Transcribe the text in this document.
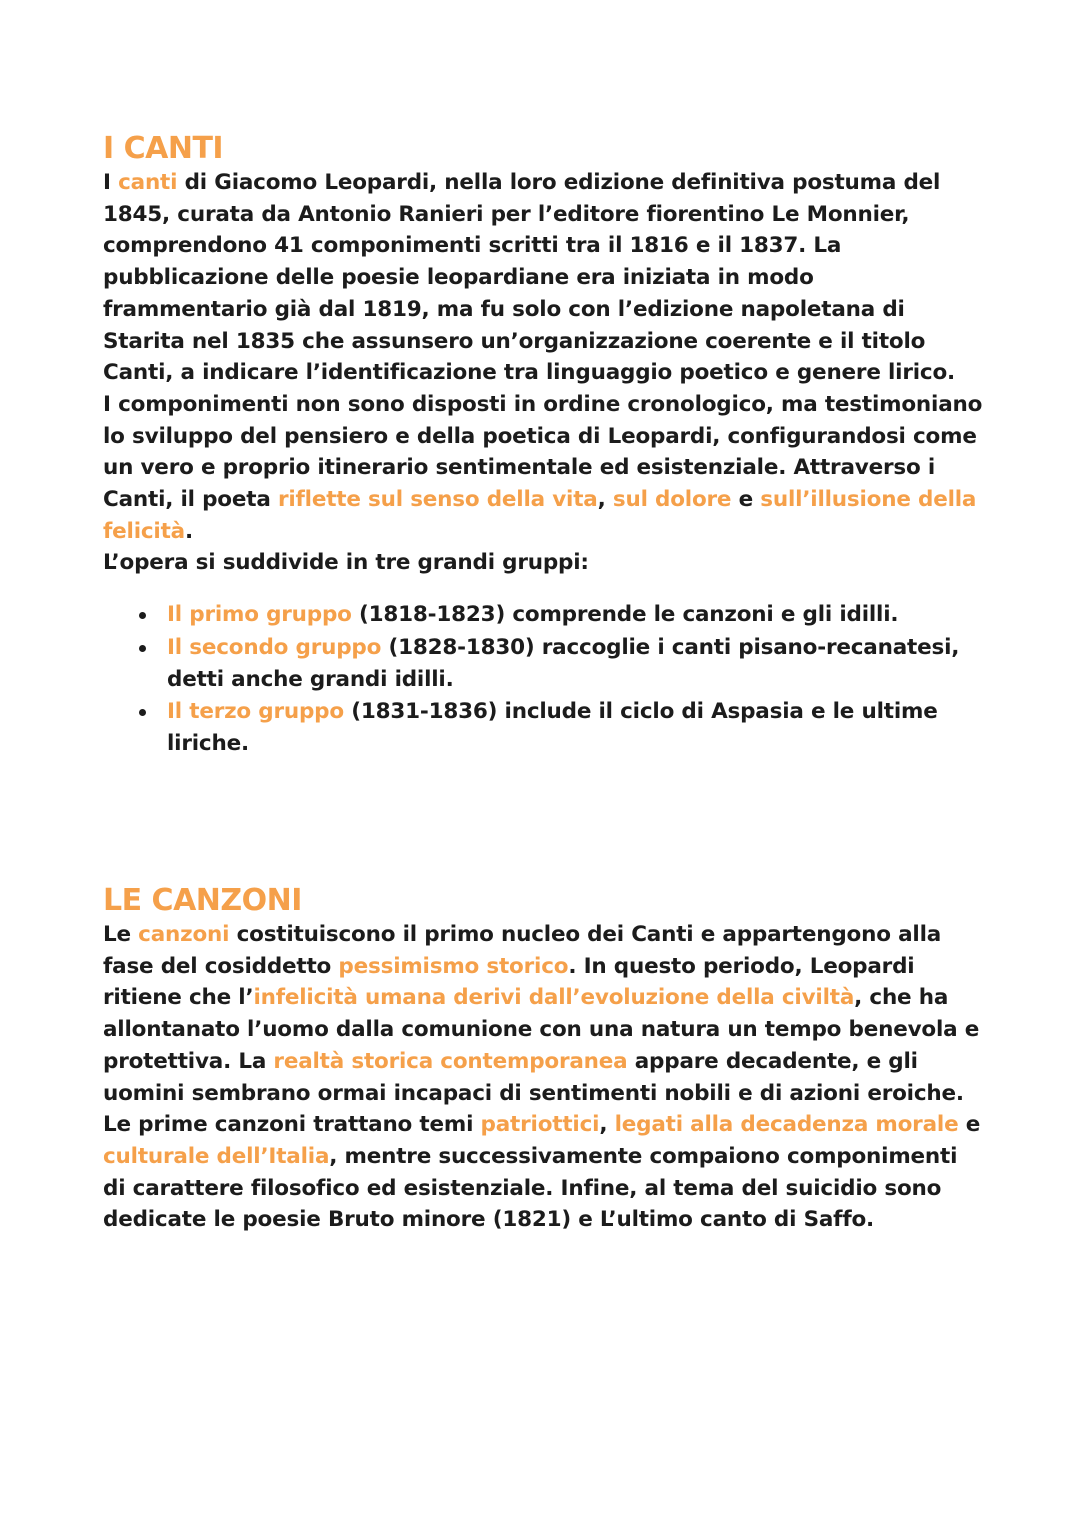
I CANTI

I canti di Giacomo Leopardi, nella loro edizione definitiva postuma del 1845, curata da Antonio Ranieri per l’editore fiorentino Le Monnier, comprendono 41 componimenti scritti tra il 1816 e il 1837. La pubblicazione delle poesie leopardiane era iniziata in modo frammentario già dal 1819, ma fu solo con l’edizione napoletana di Starita nel 1835 che assunsero un’organizzazione coerente e il titolo Canti, a indicare l’identificazione tra linguaggio poetico e genere lirico.

I componimenti non sono disposti in ordine cronologico, ma testimoniano lo sviluppo del pensiero e della poetica di Leopardi, configurandosi come un vero e proprio itinerario sentimentale ed esistenziale. Attraverso i Canti, il poeta riflette sul senso della vita, sul dolore e sull’illusione della felicità.

L’opera si suddivide in tre grandi gruppi:

Il primo gruppo (1818-1823) comprende le canzoni e gli idilli.
Il secondo gruppo (1828-1830) raccoglie i canti pisano-recanatesi, detti anche grandi idilli.
Il terzo gruppo (1831-1836) include il ciclo di Aspasia e le ultime liriche.
LE CANZONI

Le canzoni costituiscono il primo nucleo dei Canti e appartengono alla fase del cosiddetto pessimismo storico. In questo periodo, Leopardi ritiene che l’infelicità umana derivi dall’evoluzione della civiltà, che ha allontanato l’uomo dalla comunione con una natura un tempo benevola e protettiva. La realtà storica contemporanea appare decadente, e gli uomini sembrano ormai incapaci di sentimenti nobili e di azioni eroiche. Le prime canzoni trattano temi patriottici, legati alla decadenza morale e culturale dell’Italia, mentre successivamente compaiono componimenti di carattere filosofico ed esistenziale. Infine, al tema del suicidio sono dedicate le poesie Bruto minore (1821) e L’ultimo canto di Saffo.
